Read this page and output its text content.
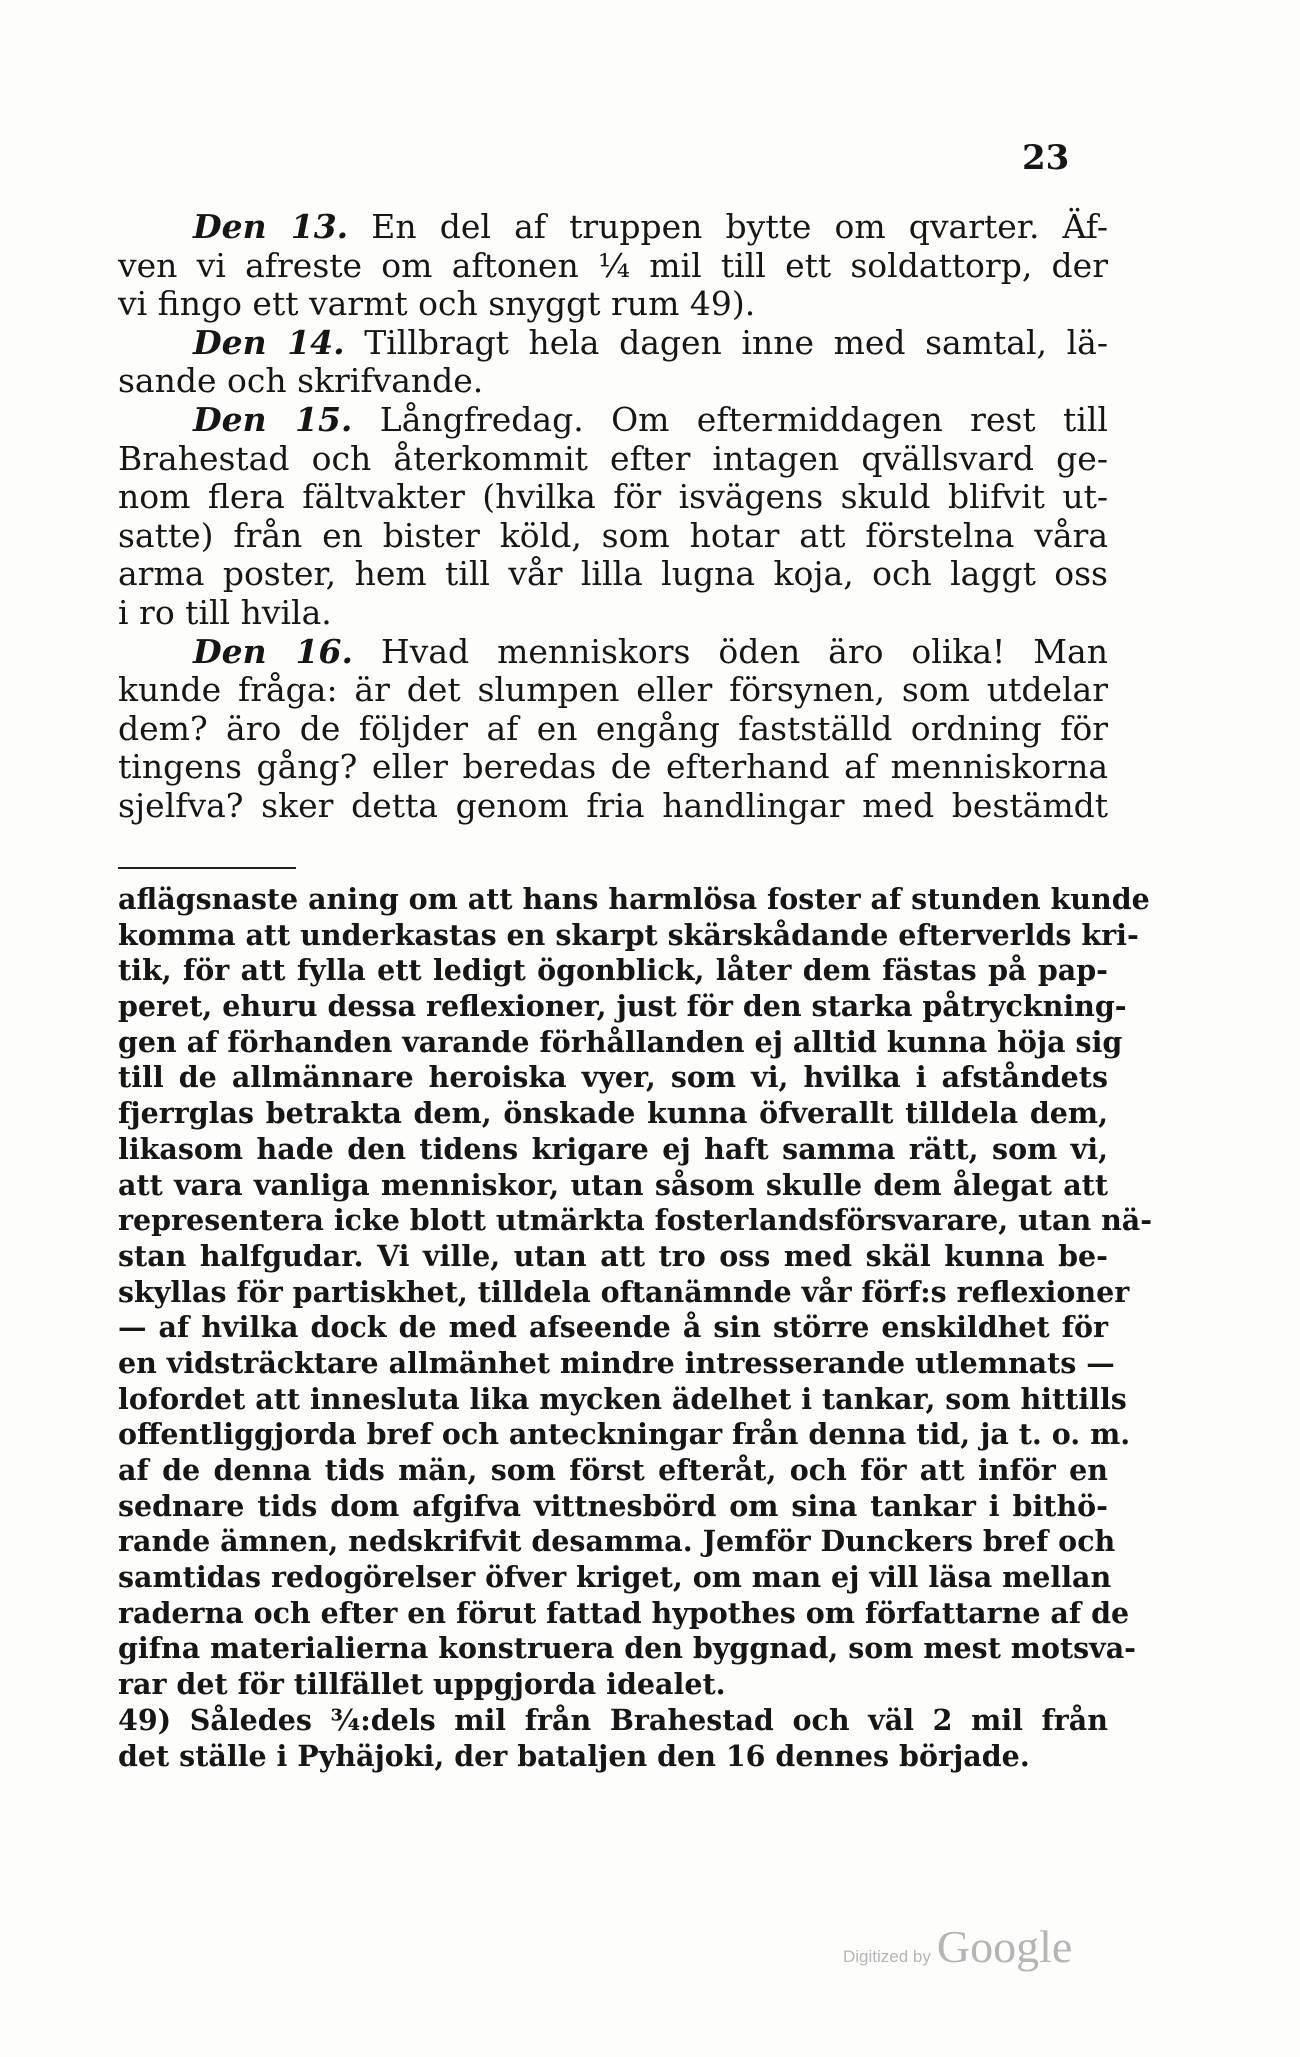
23
Den 13. En del af truppen bytte om qvarter. Äf-
ven vi afreste om aftonen ¼ mil till ett soldattorp, der
vi fingo ett varmt och snyggt rum 49).
Den 14. Tillbragt hela dagen inne med samtal, lä-
sande och skrifvande.
Den 15. Långfredag. Om eftermiddagen rest till
Brahestad och återkommit efter intagen qvällsvard ge-
nom flera fältvakter (hvilka för isvägens skuld blifvit ut-
satte) från en bister köld, som hotar att förstelna våra
arma poster, hem till vår lilla lugna koja, och laggt oss
i ro till hvila.
Den 16. Hvad menniskors öden äro olika! Man
kunde fråga: är det slumpen eller försynen, som utdelar
dem? äro de följder af en engång fastställd ordning för
tingens gång? eller beredas de efterhand af menniskorna
sjelfva? sker detta genom fria handlingar med bestämdt
aflägsnaste aning om att hans harmlösa foster af stunden kunde
komma att underkastas en skarpt skärskådande efterverlds kri-
tik, för att fylla ett ledigt ögonblick, låter dem fästas på pap-
peret, ehuru dessa reflexioner, just för den starka påtryckning-
gen af förhanden varande förhållanden ej alltid kunna höja sig
till de allmännare heroiska vyer, som vi, hvilka i afståndets
fjerrglas betrakta dem, önskade kunna öfverallt tilldela dem,
likasom hade den tidens krigare ej haft samma rätt, som vi,
att vara vanliga menniskor, utan såsom skulle dem ålegat att
representera icke blott utmärkta fosterlandsförsvarare, utan nä-
stan halfgudar. Vi ville, utan att tro oss med skäl kunna be-
skyllas för partiskhet, tilldela oftanämnde vår förf:s reflexioner
— af hvilka dock de med afseende å sin större enskildhet för
en vidsträcktare allmänhet mindre intresserande utlemnats —
lofordet att innesluta lika mycken ädelhet i tankar, som hittills
offentliggjorda bref och anteckningar från denna tid, ja t. o. m.
af de denna tids män, som först efteråt, och för att inför en
sednare tids dom afgifva vittnesbörd om sina tankar i bithö-
rande ämnen, nedskrifvit desamma. Jemför Dunckers bref och
samtidas redogörelser öfver kriget, om man ej vill läsa mellan
raderna och efter en förut fattad hypothes om författarne af de
gifna materialierna konstruera den byggnad, som mest motsva-
rar det för tillfället uppgjorda idealet.
49) Således ¾:dels mil från Brahestad och väl 2 mil från
det ställe i Pyhäjoki, der bataljen den 16 dennes började.
Digitized by Google
